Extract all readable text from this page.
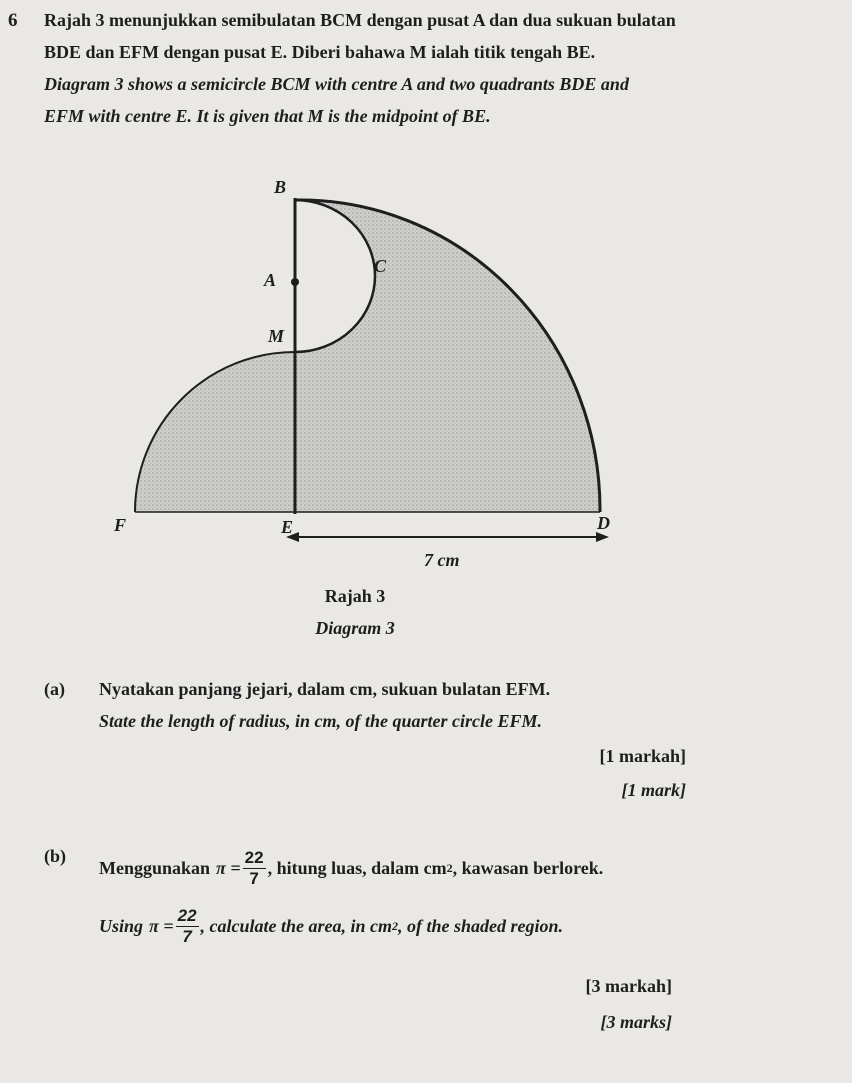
6 Rajah 3 menunjukkan semibulatan BCM dengan pusat A dan dua sukuan bulatan
BDE dan EFM dengan pusat E. Diberi bahawa M ialah titik tengah BE.
Diagram 3 shows a semicircle BCM with centre A and two quadrants BDE and
EFM with centre E. It is given that M is the midpoint of BE.
B
A
C
M
F	E	D
7 cm
Rajah 3
Diagram 3
(a) Nyatakan panjang jejari, dalam cm, sukuan bulatan EFM.
State the length of radius, in cm, of the quarter circle EFM.
[1 markah]
[1 mark]
(b)
Menggunakan $\pi = \frac{22}{7}$ , hitung luas, dalam cm 2 , kawasan berlorek.
Using $\pi = \frac{22}{7}$ , calculate the area, in cm 2 , of the shaded region.
[3 markah]
[3 marks]
